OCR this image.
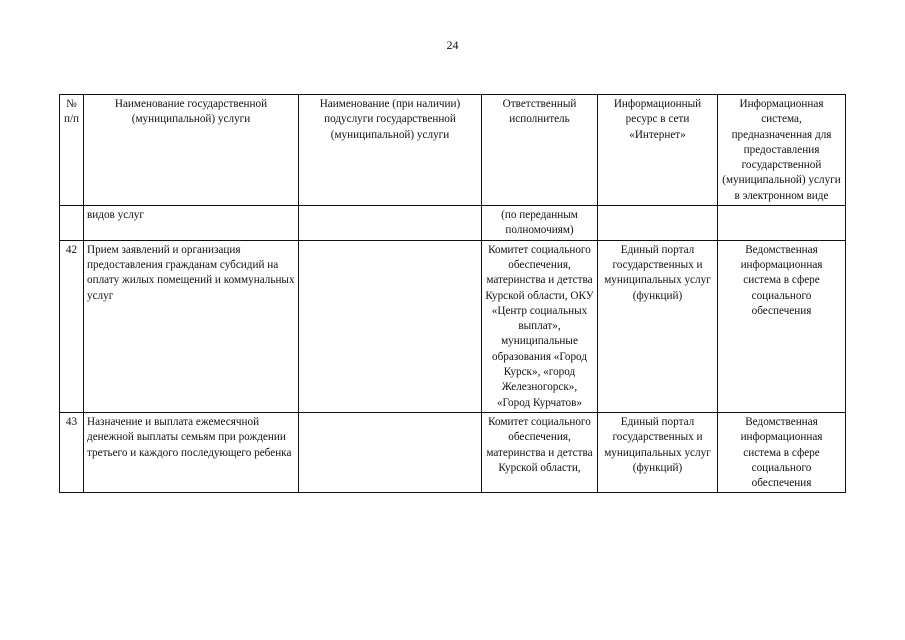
24
№ п/п	Наименование государственной (муниципальной) услуги	Наименование (при наличии) подуслуги государственной (муниципальной) услуги	Ответственный исполнитель	Информационный ресурс в сети «Интернет»	Информационная система, предназначенная для предоставления государственной (муниципальной) услуги в электронном виде
	видов услуг		(по переданным полномочиям)		
42	Прием заявлений и организация предоставления гражданам субсидий на оплату жилых помещений и коммунальных услуг		Комитет социального обеспечения, материнства и детства Курской области, ОКУ «Центр социальных выплат», муниципальные образования «Город Курск», «город Железногорск», «Город Курчатов»	Единый портал государственных и муниципальных услуг (функций)	Ведомственная информационная система в сфере социального обеспечения
43	Назначение и выплата ежемесячной денежной выплаты семьям при рождении третьего и каждого последующего ребенка		Комитет социального обеспечения, материнства и детства Курской области,	Единый портал государственных и муниципальных услуг (функций)	Ведомственная информационная система в сфере социального обеспечения
